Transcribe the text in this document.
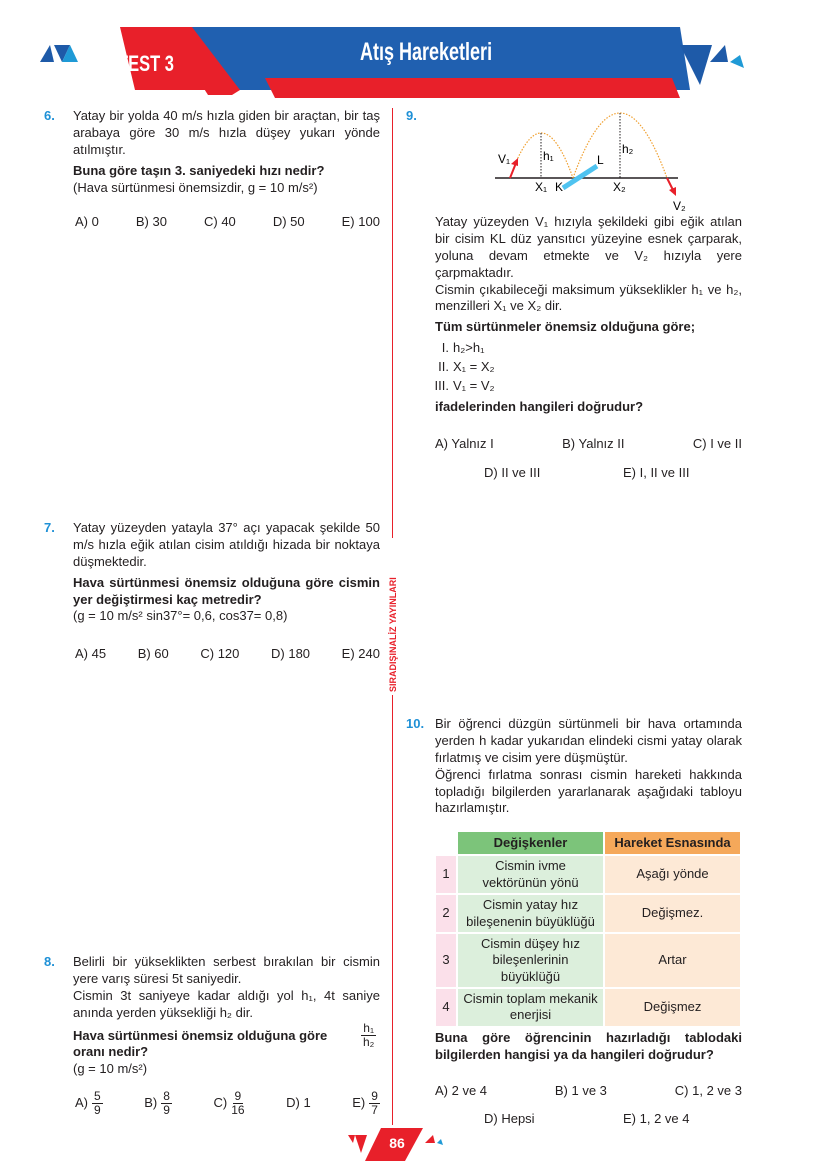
TEST 3	Atış Hareketleri
SIRADIŞINALİZ YAYINLARI
6. Yatay bir yolda 40 m/s hızla giden bir araçtan, bir taş arabaya göre 30 m/s hızla düşey yukarı yönde atılmıştır.
Buna göre taşın 3. saniyedeki hızı nedir?
(Hava sürtünmesi önemsizdir, g = 10 m/s²)
A) 0	B) 30	C) 40	D) 50	E) 100
7. Yatay yüzeyden yatayla 37° açı yapacak şekilde 50 m/s hızla eğik atılan cisim atıldığı hizada bir noktaya düşmektedir.
Hava sürtünmesi önemsiz olduğuna göre cismin yer değiştirmesi kaç metredir?
(g = 10 m/s² sin37°= 0,6, cos37= 0,8)
A) 45 B) 60 C) 120 D) 180 E) 240
8. Belirli bir yükseklikten serbest bırakılan bir cismin yere varış süresi 5t saniyedir.
Cismin 3t saniyeye kadar aldığı yol h₁, 4t saniye anında yerden yüksekliği h₂ dir.
Hava sürtünmesi önemsiz olduğuna göre	$\frac{\text{h₁}}{\text{h₂}}$
oranı nedir?
(g = 10 m/s²)
$A) \frac{5}{9}$	$B) \frac{8}{9}$	$C) \frac{9}{16}$	D) 1	$E) \frac{9}{7}$
9.
V₁	h₁	h₂
X₁ K
L
X₂
V₂
Yatay yüzeyden V₁ hızıyla şekildeki gibi eğik atılan bir cisim KL düz yansıtıcı yüzeyine esnek çarparak, yoluna devam etmekte ve V₂ hızıyla yere çarpmaktadır.
Cismin çıkabileceği maksimum yükseklikler h₁ ve h₂, menzilleri X₁ ve X₂ dir.
Tüm sürtünmeler önemsiz olduğuna göre;
I. h₂>h₁
II. X₁ = X₂
III. V₁ = V₂
ifadelerinden hangileri doğrudur?
A) Yalnız I	B) Yalnız II	C) I ve II
D) II ve III	E) I, II ve III
10. Bir öğrenci düzgün sürtünmeli bir hava ortamında yerden h kadar yukarıdan elindeki cismi yatay olarak fırlatmış ve cisim yere düşmüştür.
Öğrenci fırlatma sonrası cismin hareketi hakkında topladığı bilgilerden yararlanarak aşağıdaki tabloyu hazırlamıştır.
	Değişkenler	Hareket Esnasında
1	Cismin ivme vektörünün yönü	Aşağı yönde
2	Cismin yatay hız bileşenenin büyüklüğü	Değişmez.
3	Cismin düşey hız bileşenlerinin büyüklüğü	Artar
4	Cismin toplam mekanik enerjisi	Değişmez
Buna göre öğrencinin hazırladığı tablodaki bilgilerden hangisi ya da hangileri doğrudur?
A) 2 ve 4	B) 1 ve 3	C) 1, 2 ve 3
D) Hepsi	E) 1, 2 ve 4
86
